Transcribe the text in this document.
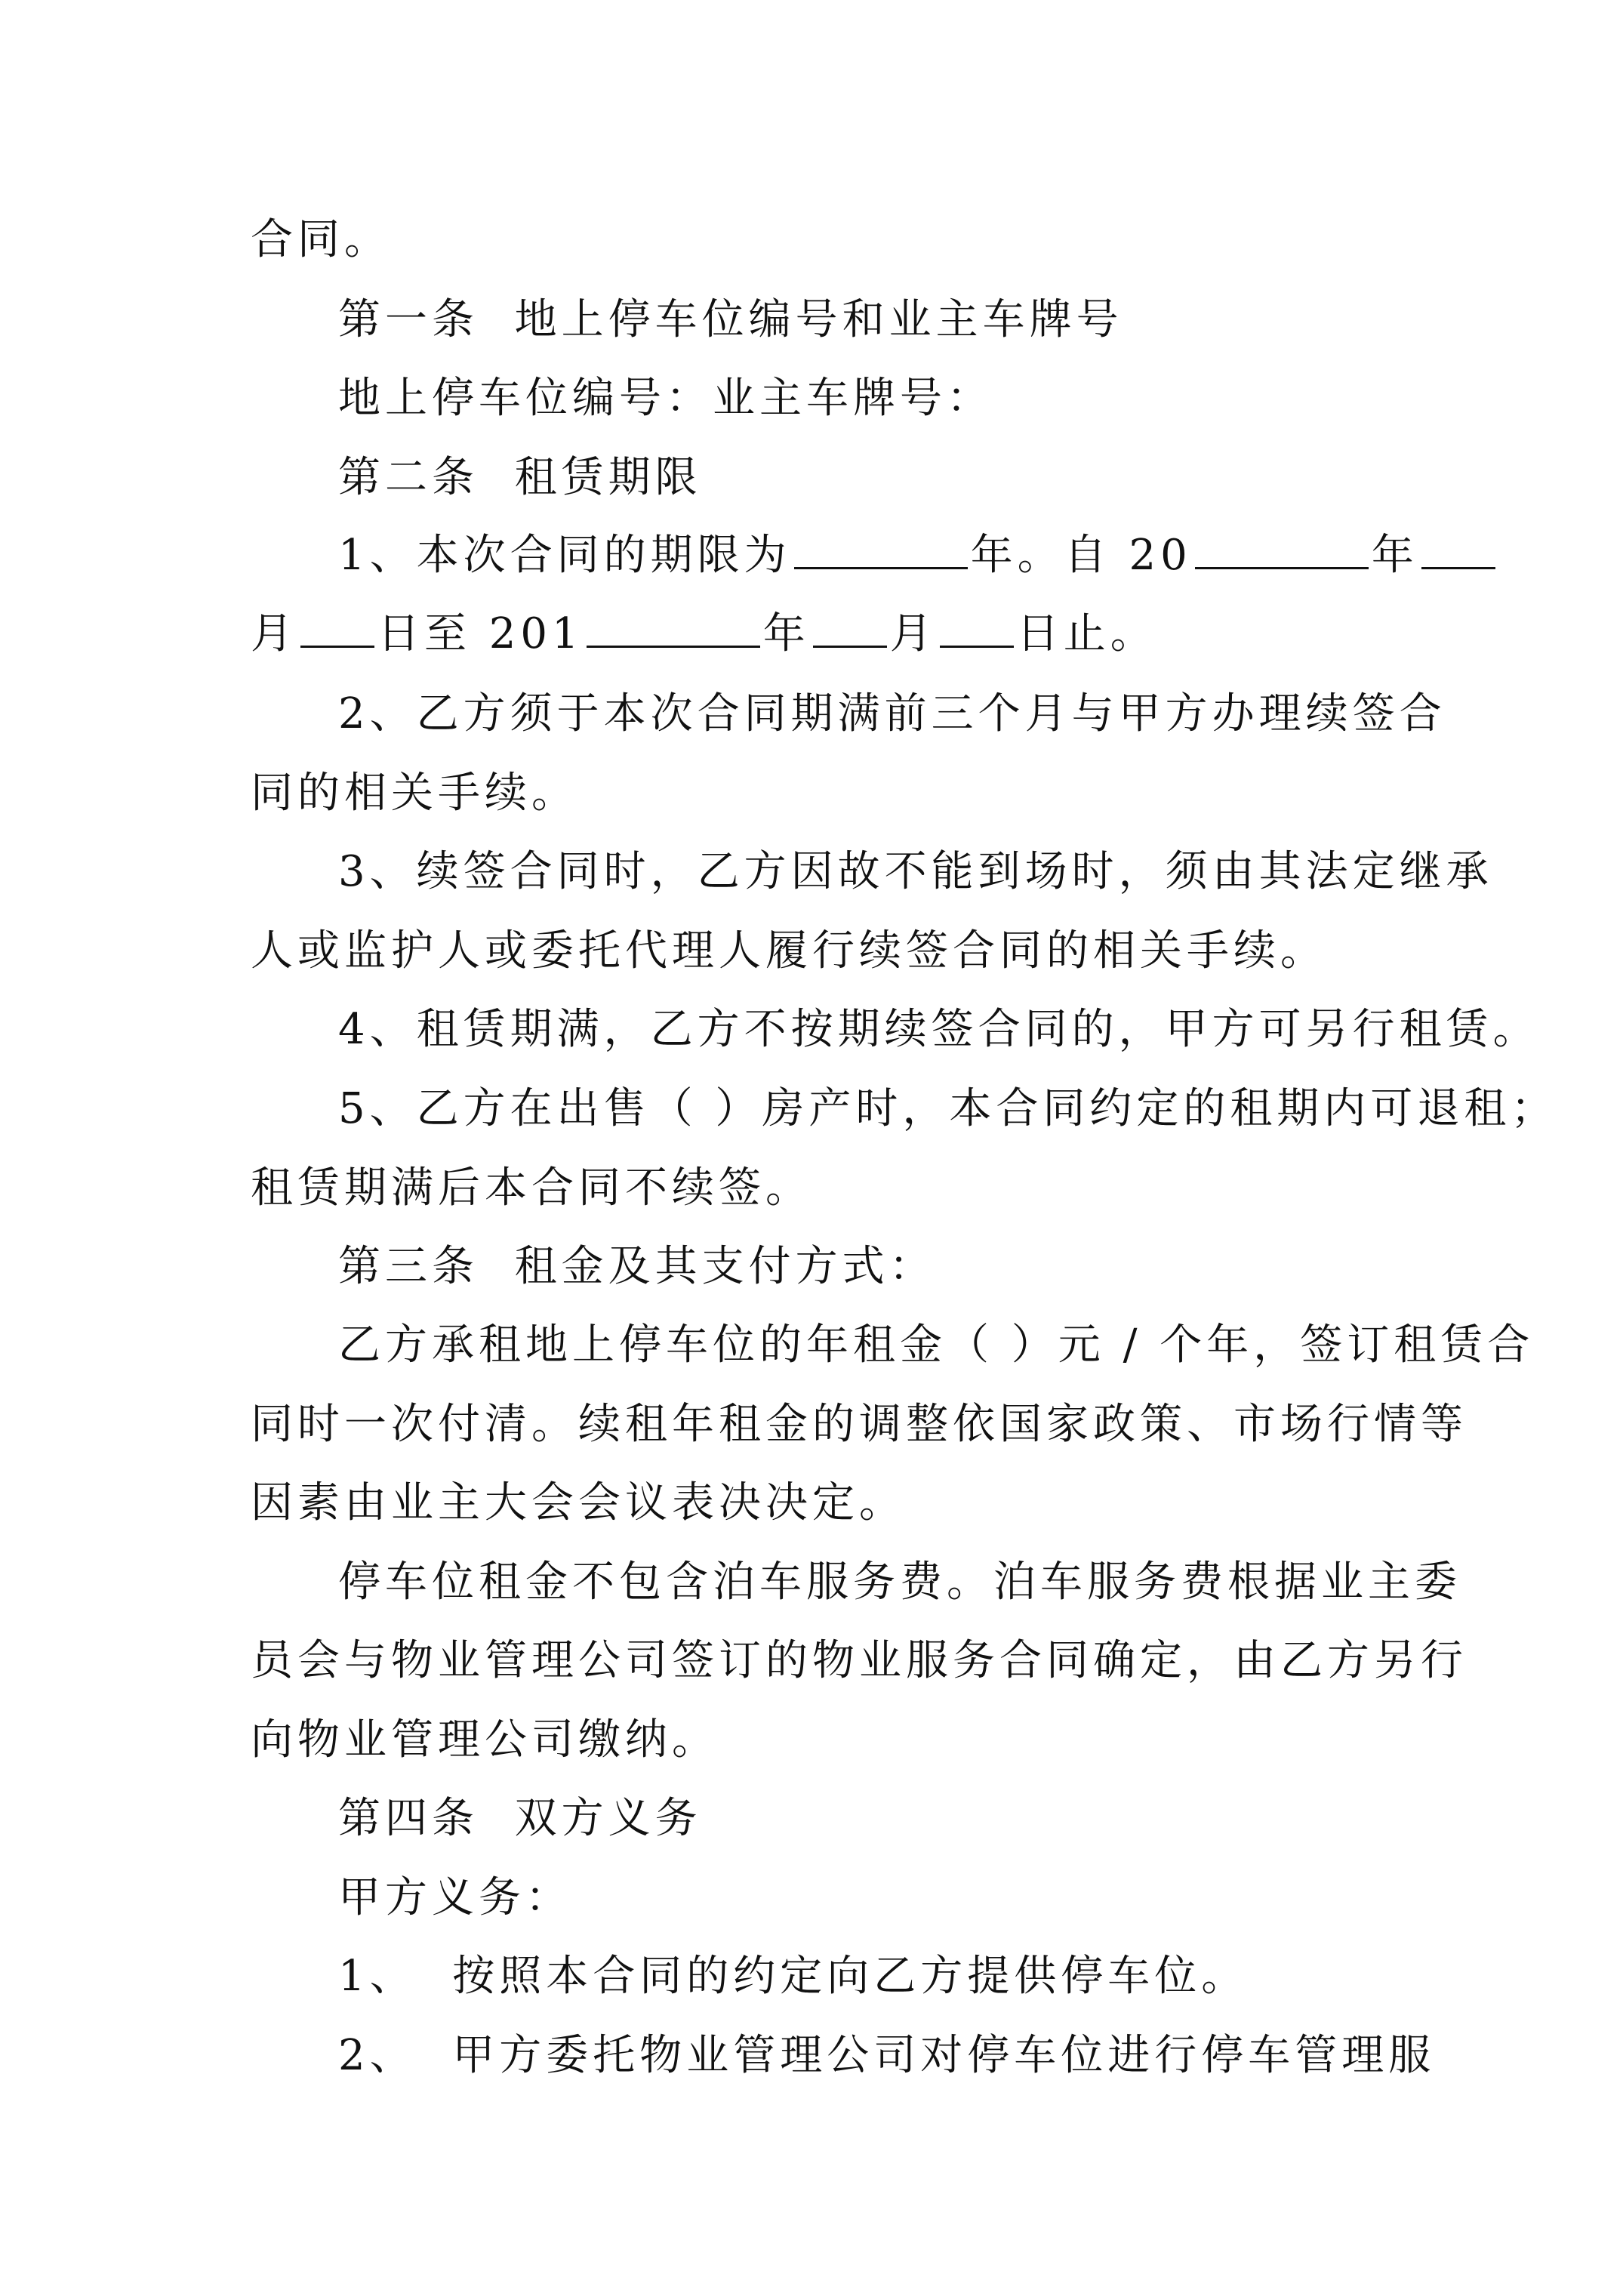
合同。
第一条  地上停车位编号和业主车牌号
地上停车位编号：业主车牌号：
第二条  租赁期限
1、本次合同的期限为	年。自 20	年
月 日至 201	年 月 日止。
2、乙方须于本次合同期满前三个月与甲方办理续签合
同的相关手续。
3、续签合同时，乙方因故不能到场时，须由其法定继承
人或监护人或委托代理人履行续签合同的相关手续。
4、租赁期满，乙方不按期续签合同的，甲方可另行租赁。
5、乙方在出售（ ）房产时，本合同约定的租期内可退租；
租赁期满后本合同不续签。
第三条  租金及其支付方式：
乙方承租地上停车位的年租金（ ）元 / 个年，签订租赁合
同时一次付清。续租年租金的调整依国家政策、市场行情等
因素由业主大会会议表决决定。
停车位租金不包含泊车服务费。泊车服务费根据业主委
员会与物业管理公司签订的物业服务合同确定，由乙方另行
向物业管理公司缴纳。
第四条  双方义务
甲方义务：
1、  按照本合同的约定向乙方提供停车位。
2、  甲方委托物业管理公司对停车位进行停车管理服
